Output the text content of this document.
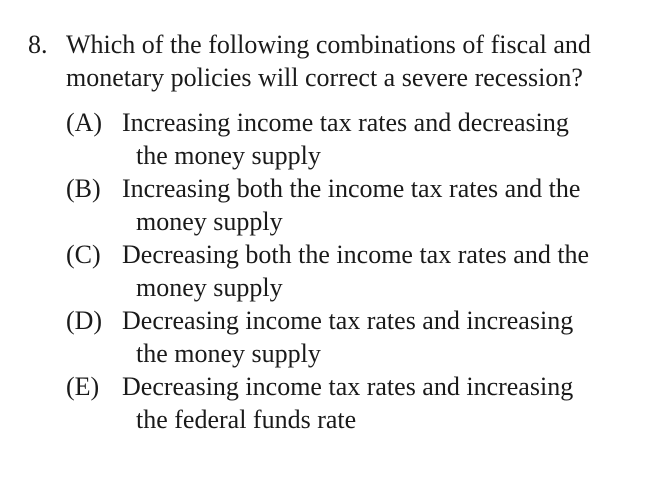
8. Which of the following combinations of fiscal and monetary policies will correct a severe recession?

(A) Increasing income tax rates and decreasing
the money supply
(B) Increasing both the income tax rates and the
money supply
(C) Decreasing both the income tax rates and the
money supply
(D) Decreasing income tax rates and increasing
the money supply
(E) Decreasing income tax rates and increasing
the federal funds rate
